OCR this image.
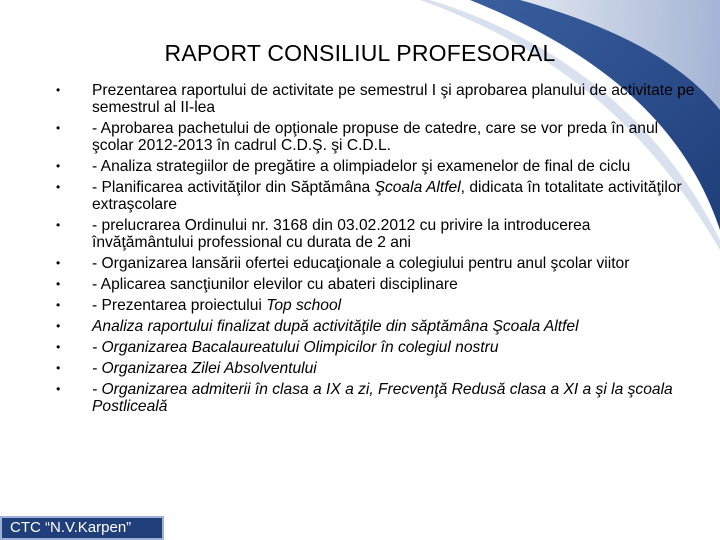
RAPORT CONSILIUL PROFESORAL
•	Prezentarea raportului de activitate pe semestrul I şi aprobarea planului de activitate pe semestrul al II-lea
•	- Aprobarea pachetului de opţionale propuse de catedre, care se vor preda în anul şcolar 2012-2013 în cadrul C.D.Ş. şi C.D.L.
•	- Analiza strategiilor de pregătire a olimpiadelor şi examenelor de final de ciclu
•	- Planificarea activităţilor din Săptămâna Şcoala Altfel, didicata în totalitate activităţilor extraşcolare
•	- prelucrarea Ordinului nr. 3168 din 03.02.2012 cu privire la introducerea învăţământului professional cu durata de 2 ani
•	- Organizarea lansării ofertei educaţionale a colegiului pentru anul şcolar viitor
•	- Aplicarea sancţiunilor elevilor cu abateri disciplinare
•	- Prezentarea proiectului Top school
•	Analiza raportului finalizat după activităţile din săptămâna Şcoala Altfel
•	- Organizarea Bacalaureatului Olimpicilor în colegiul nostru
•	- Organizarea Zilei Absolventului
•	- Organizarea admiterii în clasa a IX a zi, Frecvenţă Redusă clasa a XI a şi la şcoala Postliceală
CTC “N.V.Karpen”
